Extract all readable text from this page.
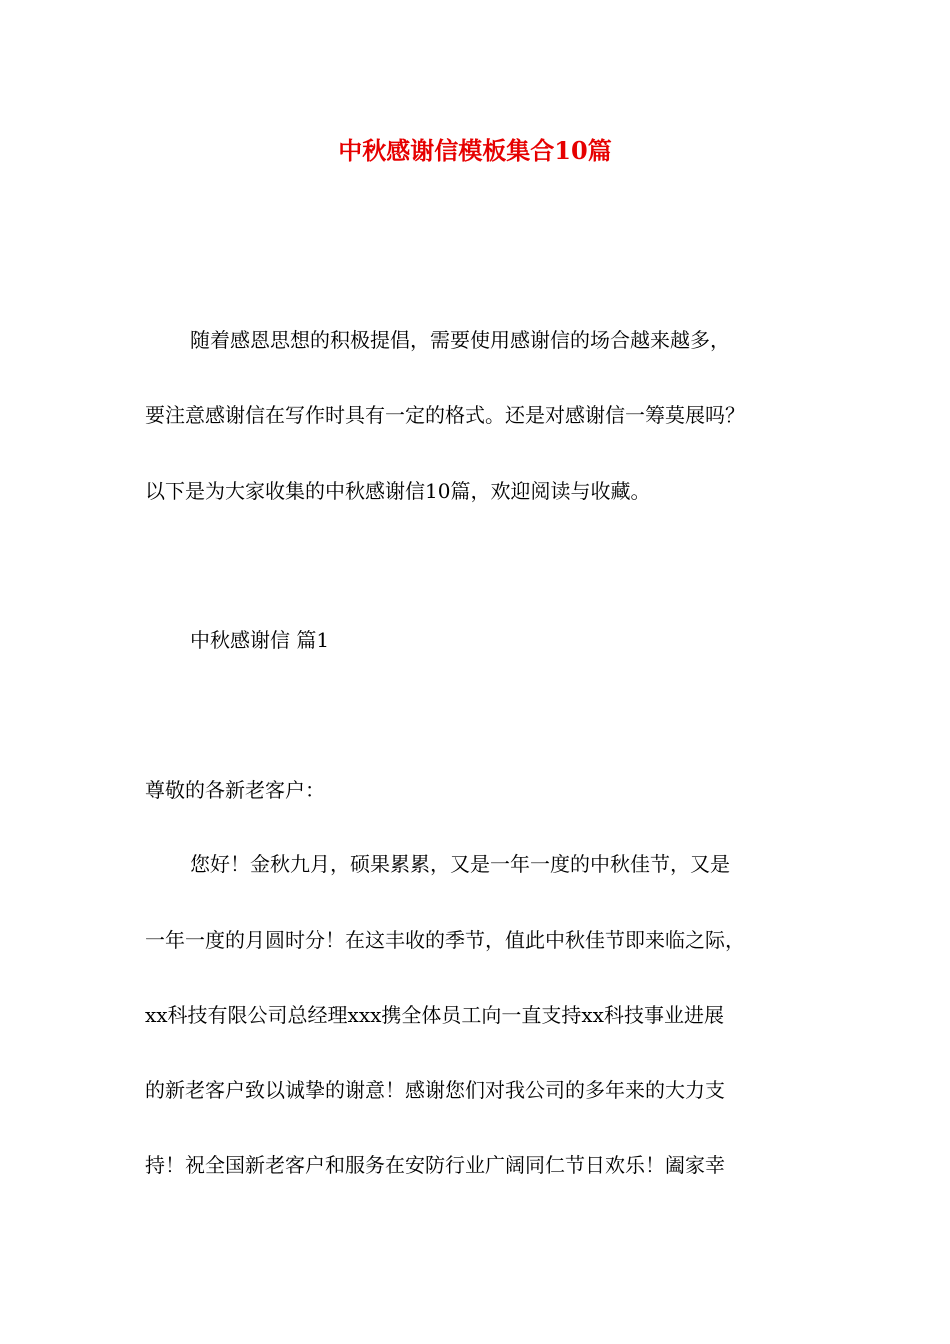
中秋感谢信模板集合10篇
随着感恩思想的积极提倡，需要使用感谢信的场合越来越多，
要注意感谢信在写作时具有一定的格式。还是对感谢信一筹莫展吗？
以下是为大家收集的中秋感谢信10篇，欢迎阅读与收藏。
中秋感谢信 篇1
尊敬的各新老客户：
您好！金秋九月，硕果累累，又是一年一度的中秋佳节，又是
一年一度的月圆时分！在这丰收的季节，值此中秋佳节即来临之际，
xx科技有限公司总经理xxx携全体员工向一直支持xx科技事业进展
的新老客户致以诚挚的谢意！感谢您们对我公司的多年来的大力支
持！祝全国新老客户和服务在安防行业广阔同仁节日欢乐！阖家幸
